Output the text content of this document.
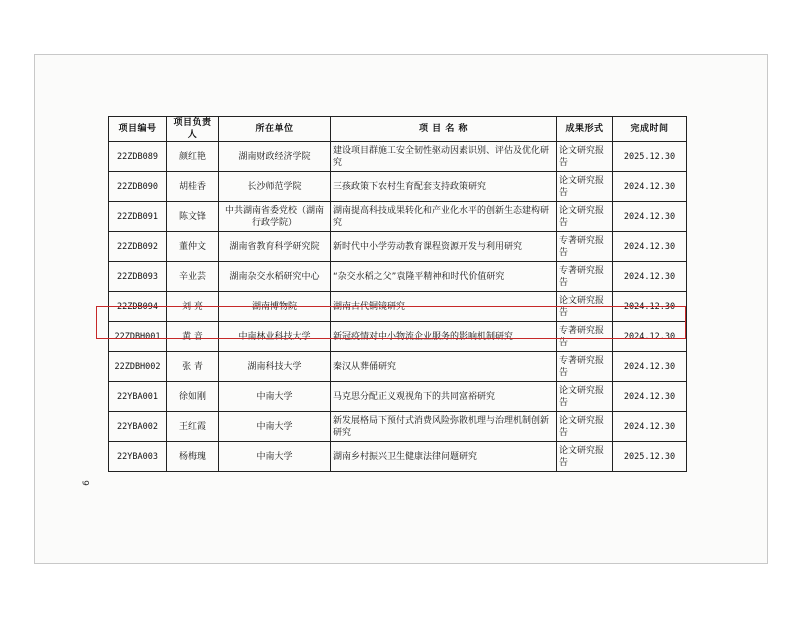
6
项目编号	项目负责人	所在单位	项 目 名 称	成果形式	完成时间
22ZDB089	颜红艳	湖南财政经济学院	建设项目群施工安全韧性驱动因素识别、评估及优化研究	论文研究报告	2025.12.30
22ZDB090	胡桂香	长沙师范学院	三孩政策下农村生育配套支持政策研究	论文研究报告	2024.12.30
22ZDB091	陈文锋	中共湖南省委党校（湖南行政学院）	湖南提高科技成果转化和产业化水平的创新生态建构研究	论文研究报告	2024.12.30
22ZDB092	董仲文	湖南省教育科学研究院	新时代中小学劳动教育课程资源开发与利用研究	专著研究报告	2024.12.30
22ZDB093	辛业芸	湖南杂交水稻研究中心	“杂交水稻之父”袁隆平精神和时代价值研究	专著研究报告	2024.12.30
22ZDB094	刘 亮	湖南博物院	湖南古代铜镜研究	论文研究报告	2024.12.30
22ZDBH001	黄 音	中南林业科技大学	新冠疫情对中小物流企业服务的影响机制研究	专著研究报告	2024.12.30
22ZDBH002	张 青	湖南科技大学	秦汉从葬俑研究	专著研究报告	2024.12.30
22YBA001	徐如刚	中南大学	马克思分配正义观视角下的共同富裕研究	论文研究报告	2024.12.30
22YBA002	王红霞	中南大学	新发展格局下预付式消费风险弥散机理与治理机制创新研究	论文研究报告	2024.12.30
22YBA003	杨梅瑰	中南大学	湖南乡村振兴卫生健康法律问题研究	论文研究报告	2025.12.30
